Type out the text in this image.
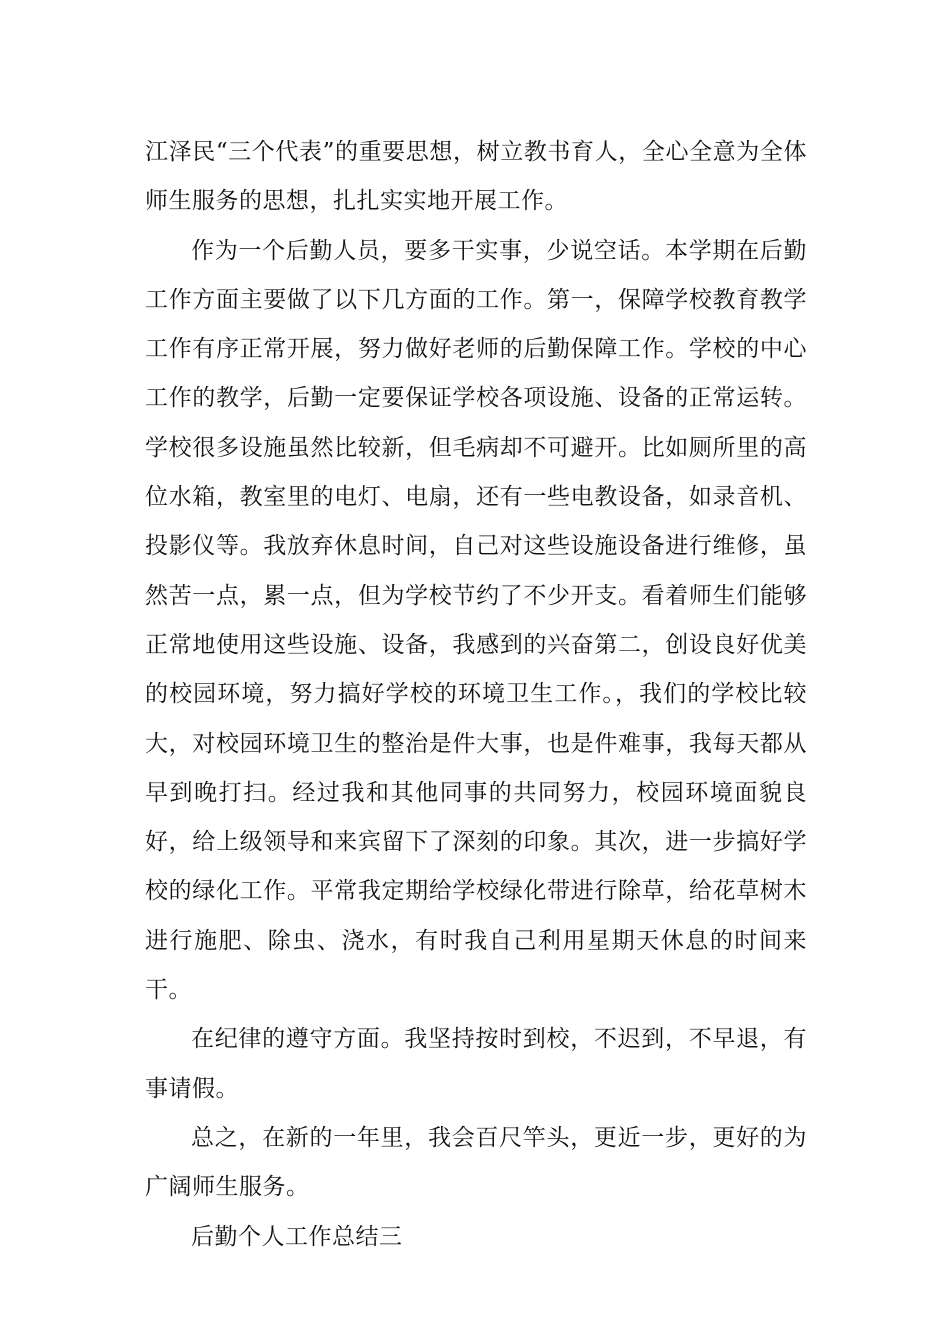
江泽民“三个代表”的重要思想，树立教书育人，全心全意为全体师生服务的思想，扎扎实实地开展工作。

作为一个后勤人员，要多干实事，少说空话。本学期在后勤工作方面主要做了以下几方面的工作。第一，保障学校教育教学工作有序正常开展，努力做好老师的后勤保障工作。学校的中心工作的教学，后勤一定要保证学校各项设施、设备的正常运转。学校很多设施虽然比较新，但毛病却不可避开。比如厕所里的高位水箱，教室里的电灯、电扇，还有一些电教设备，如录音机、投影仪等。我放弃休息时间，自己对这些设施设备进行维修，虽然苦一点，累一点，但为学校节约了不少开支。看着师生们能够正常地使用这些设施、设备，我感到的兴奋第二，创设良好优美的校园环境，努力搞好学校的环境卫生工作。，我们的学校比较大，对校园环境卫生的整治是件大事，也是件难事，我每天都从早到晚打扫。经过我和其他同事的共同努力，校园环境面貌良好，给上级领导和来宾留下了深刻的印象。其次，进一步搞好学校的绿化工作。平常我定期给学校绿化带进行除草，给花草树木进行施肥、除虫、浇水，有时我自己利用星期天休息的时间来干。

在纪律的遵守方面。我坚持按时到校，不迟到，不早退，有事请假。

总之，在新的一年里，我会百尺竿头，更近一步，更好的为广阔师生服务。

后勤个人工作总结三
